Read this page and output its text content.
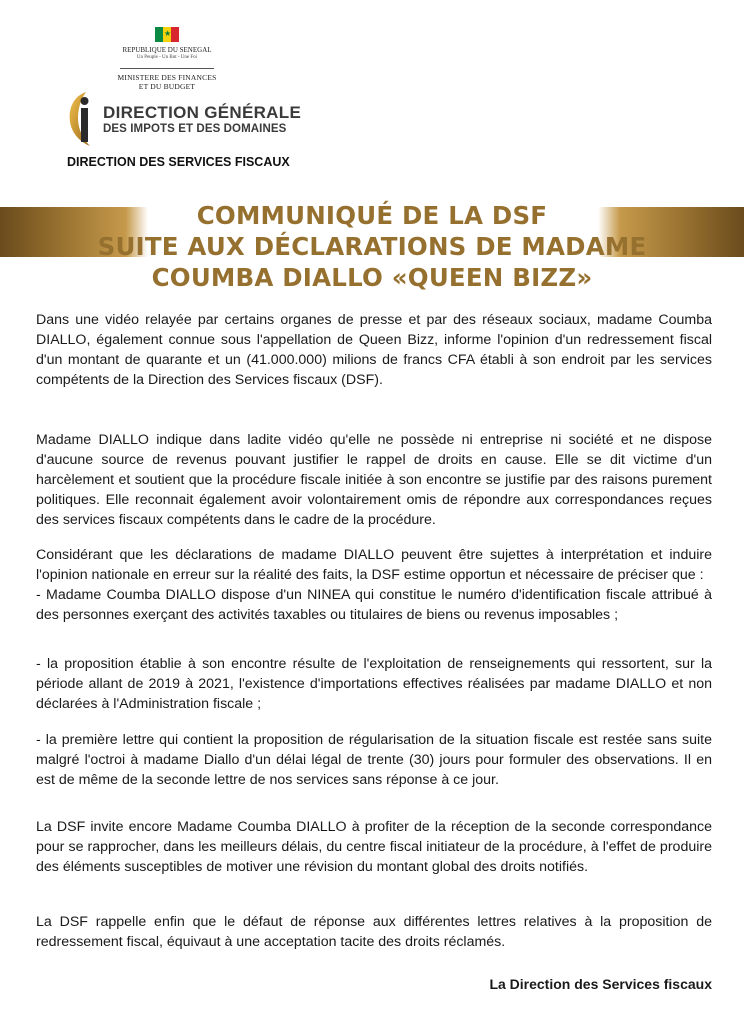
★
REPUBLIQUE DU SENEGAL
Un Peuple - Un But - Une Foi
MINISTERE DES FINANCES
ET DU BUDGET
DIRECTION GÉNÉRALE
DES IMPOTS ET DES DOMAINES
DIRECTION DES SERVICES FISCAUX
COMMUNIQUÉ DE LA DSF
SUITE AUX DÉCLARATIONS DE MADAME
COUMBA DIALLO «QUEEN BIZZ»

Dans une vidéo relayée par certains organes de presse et par des réseaux sociaux, madame Coumba DIALLO, également connue sous l'appellation de Queen Bizz, informe l'opinion d'un redressement fiscal d'un montant de quarante et un (41.000.000) milions de francs CFA établi à son endroit par les services compétents de la Direction des Services fiscaux (DSF).

Madame DIALLO indique dans ladite vidéo qu'elle ne possède ni entreprise ni société et ne dispose d'aucune source de revenus pouvant justifier le rappel de droits en cause. Elle se dit victime d'un harcèlement et soutient que la procédure fiscale initiée à son encontre se justifie par des raisons purement politiques. Elle reconnait également avoir volontairement omis de répondre aux correspondances reçues des services fiscaux compétents dans le cadre de la procédure.

Considérant que les déclarations de madame DIALLO peuvent être sujettes à interprétation et induire l'opinion nationale en erreur sur la réalité des faits, la DSF estime opportun et nécessaire de préciser que :
- Madame Coumba DIALLO dispose d'un NINEA qui constitue le numéro d'identification fiscale attribué à des personnes exerçant des activités taxables ou titulaires de biens ou revenus imposables ;

- la proposition établie à son encontre résulte de l'exploitation de renseignements qui ressortent, sur la période allant de 2019 à 2021, l'existence d'importations effectives réalisées par madame DIALLO et non déclarées à l'Administration fiscale ;

- la première lettre qui contient la proposition de régularisation de la situation fiscale est restée sans suite malgré l'octroi à madame Diallo d'un délai légal de trente (30) jours pour formuler des observations. Il en est de même de la seconde lettre de nos services sans réponse à ce jour.

La DSF invite encore Madame Coumba DIALLO à profiter de la réception de la seconde correspondance pour se rapprocher, dans les meilleurs délais, du centre fiscal initiateur de la procédure, à l'effet de produire des éléments susceptibles de motiver une révision du montant global des droits notifiés.

La DSF rappelle enfin que le défaut de réponse aux différentes lettres relatives à la proposition de redressement fiscal, équivaut à une acceptation tacite des droits réclamés.

La Direction des Services fiscaux
